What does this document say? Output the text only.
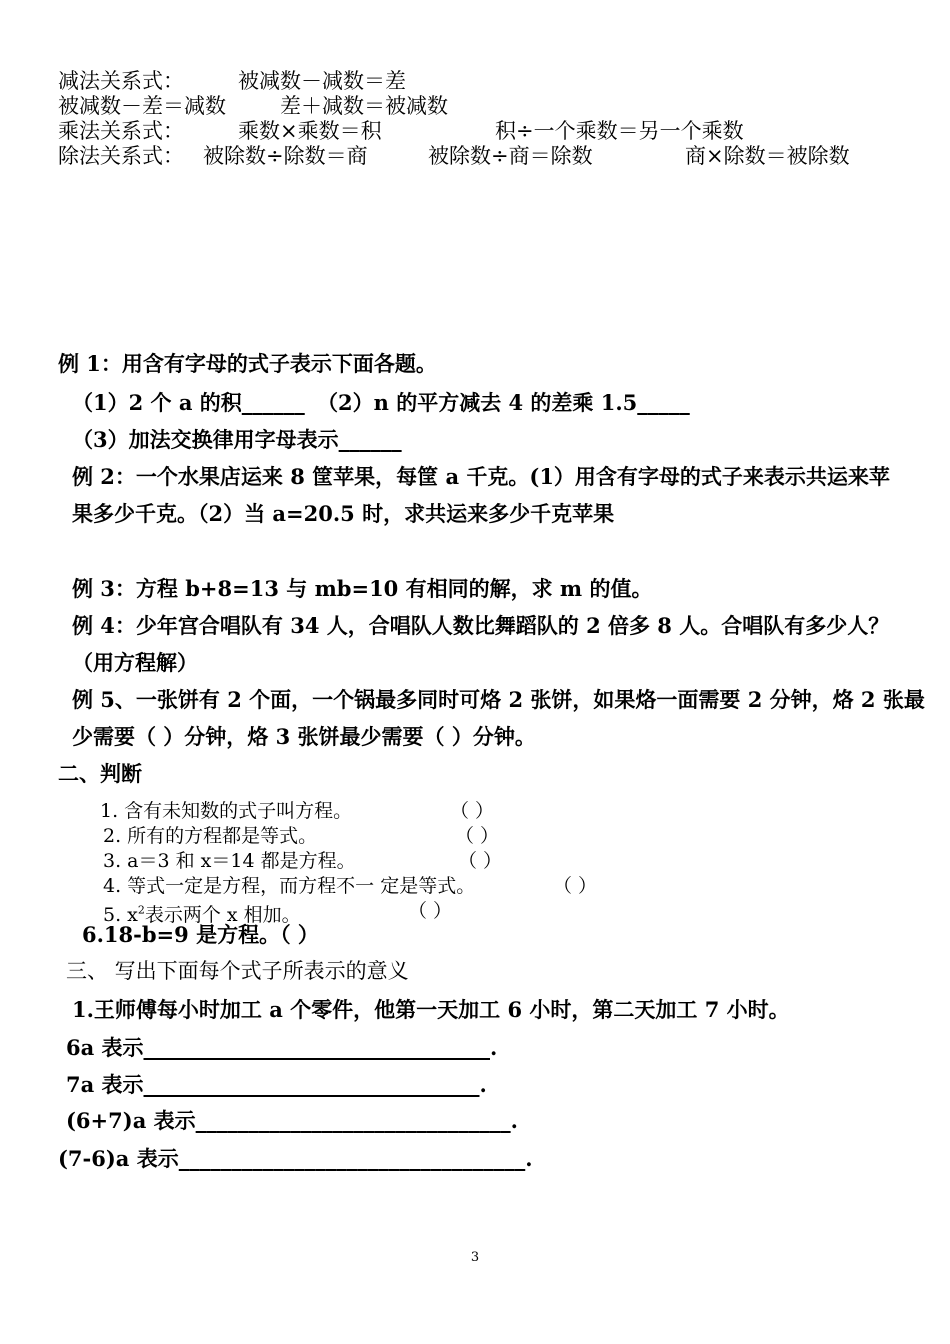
减法关系式：	被减数－减数＝差
被减数－差＝减数	差＋减数＝被减数
乘法关系式：	乘数×乘数＝积	积÷一个乘数＝另一个乘数
除法关系式： 被除数÷除数＝商	被除数÷商＝除数	商×除数＝被除数
例 1：用含有字母的式子表示下面各题。
（1）2 个 a 的积______ （2）n 的平方减去 4 的差乘 1.5_____
（3）加法交换律用字母表示______
例 2：一个水果店运来 8 筐苹果，每筐 a 千克。(1）用含有字母的式子来表示共运来苹
果多少千克。（2）当 a=20.5 时，求共运来多少千克苹果
例 3：方程 b+8=13 与 mb=10 有相同的解，求 m 的值。
例 4：少年宫合唱队有 34 人，合唱队人数比舞蹈队的 2 倍多 8 人。合唱队有多少人？
（用方程解）
例 5、一张饼有 2 个面，一个锅最多同时可烙 2 张饼，如果烙一面需要 2 分钟，烙 2 张最
少需要（ ）分钟，烙 3 张饼最少需要（ ）分钟。
二、判断
1. 含有未知数的式子叫方程。	（ ）
2. 所有的方程都是等式。	（ ）
3. a＝3 和 x＝14 都是方程。	（ ）
4. 等式一定是方程，而方程不一 定是等式。	（ ）
5. $x^2$表示两个 x 相加。	（ ）
6.18-b=9 是方程。（ ）
三、 写出下面每个式子所表示的意义
1.王师傅每小时加工 a 个零件，他第一天加工 6 小时，第二天加工 7 小时。
6a 表示_________________________________.
7a 表示________________________________.
(6+7)a 表示______________________________.
(7-6)a 表示_________________________________.
3
